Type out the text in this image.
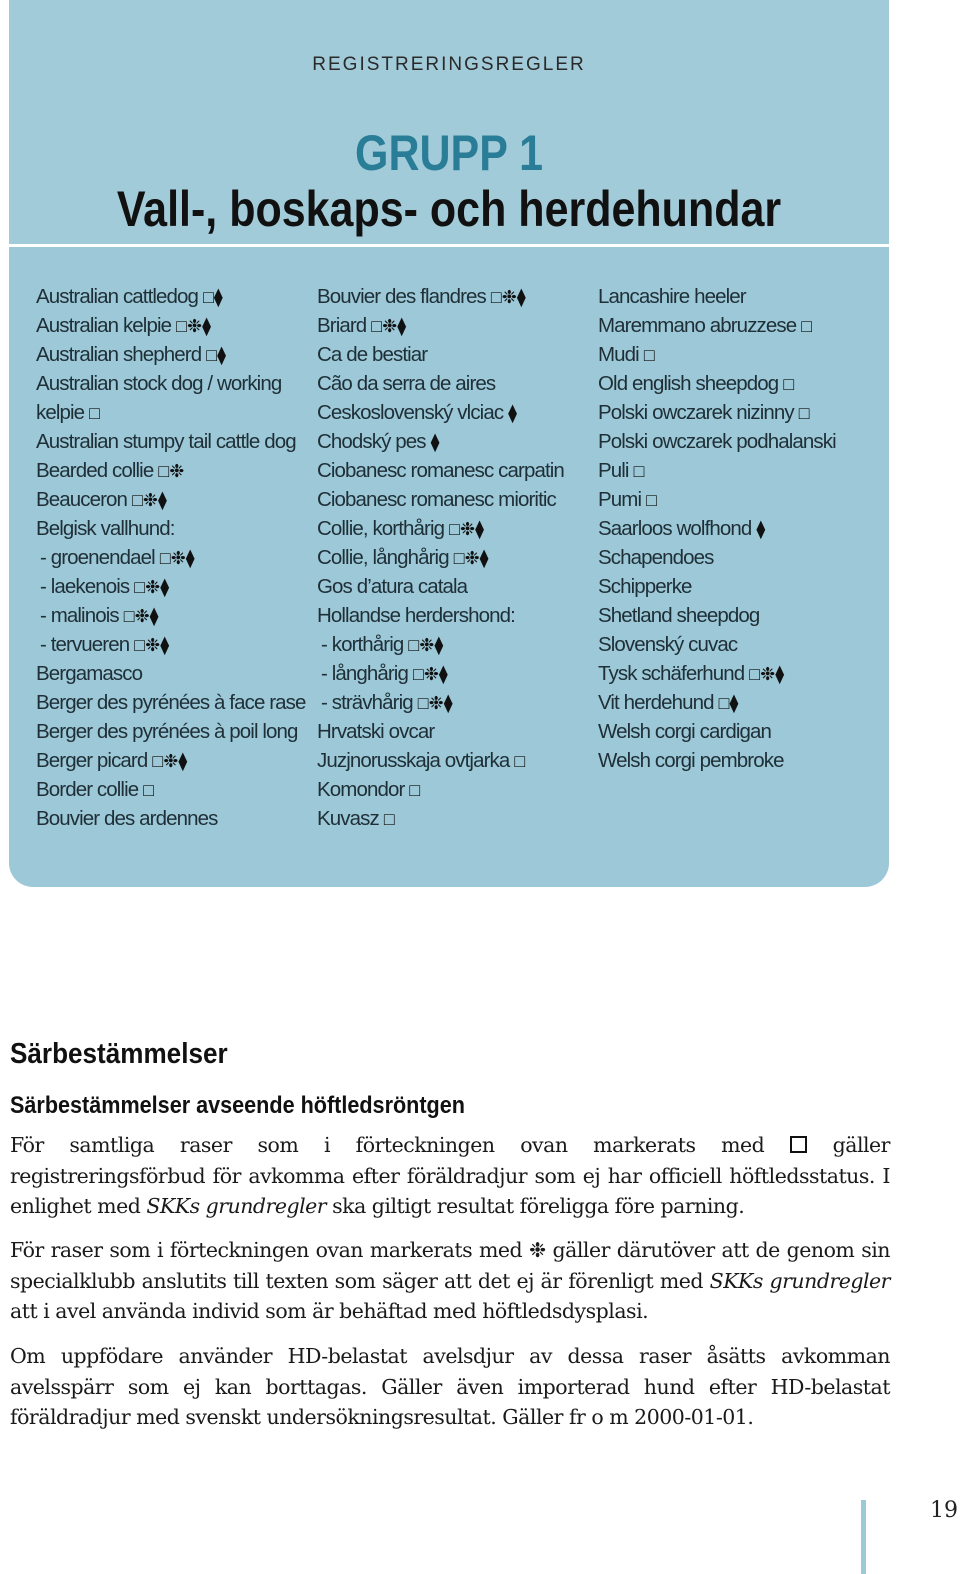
REGISTRERINGSREGLER
GRUPP 1
Vall-, boskaps- och herdehundar
Australian cattledog □⧫
Australian kelpie □❉⧫
Australian shepherd □⧫
Australian stock dog / working
kelpie □
Australian stumpy tail cattle dog
Bearded collie □❉
Beauceron □❉⧫
Belgisk vallhund:
- groenendael □❉⧫
- laekenois □❉⧫
- malinois □❉⧫
- tervueren □❉⧫
Bergamasco
Berger des pyrénées à face rase
Berger des pyrénées à poil long
Berger picard □❉⧫
Border collie □
Bouvier des ardennes
Bouvier des flandres □❉⧫
Briard □❉⧫
Ca de bestiar
Cão da serra de aires
Ceskoslovenský vlciac ⧫
Chodský pes ⧫
Ciobanesc romanesc carpatin
Ciobanesc romanesc mioritic
Collie, korthårig □❉⧫
Collie, långhårig □❉⧫
Gos d’atura catala
Hollandse herdershond:
- korthårig □❉⧫
- långhårig □❉⧫
- strävhårig □❉⧫
Hrvatski ovcar
Juzjnorusskaja ovtjarka □
Komondor □
Kuvasz □
Lancashire heeler
Maremmano abruzzese □
Mudi □
Old english sheepdog □
Polski owczarek nizinny □
Polski owczarek podhalanski
Puli □
Pumi □
Saarloos wolfhond ⧫
Schapendoes
Schipperke
Shetland sheepdog
Slovenský cuvac
Tysk schäferhund □❉⧫
Vit herdehund □⧫
Welsh corgi cardigan
Welsh corgi pembroke
Särbestämmelser
Särbestämmelser avseende höftledsröntgen

För samtliga raser som i förteckningen ovan markerats med	gäller registreringsförbud för avkomma efter föräldradjur som ej har officiell höftledsstatus. I enlighet med SKKs grundregler ska giltigt resultat föreligga före parning.

För raser som i förteckningen ovan markerats med ❉ gäller därutöver att de genom sin specialklubb anslutits till texten som säger att det ej är förenligt med SKKs grundregler att i avel använda individ som är behäftad med höftledsdysplasi.

Om uppfödare använder HD-belastat avelsdjur av dessa raser åsätts avkomman avelsspärr som ej kan borttagas. Gäller även importerad hund efter HD-belastat föräldradjur med svenskt undersökningsresultat. Gäller fr o m 2000-01-01.

19
